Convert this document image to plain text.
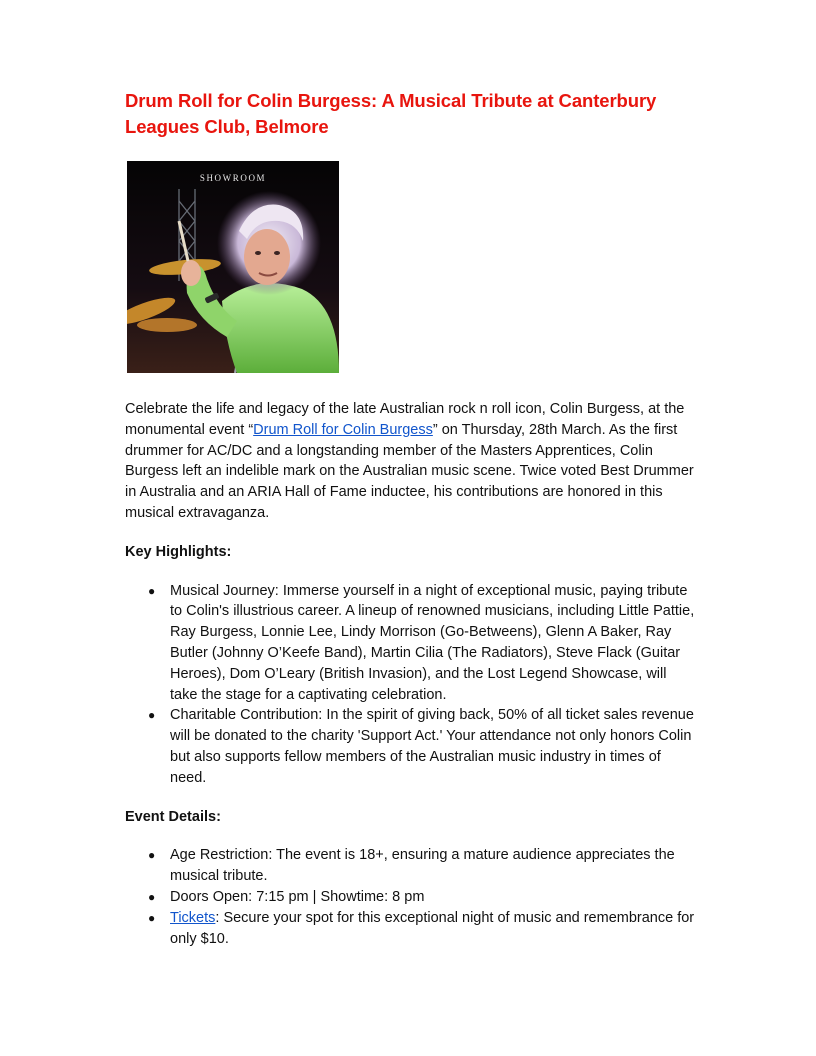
Drum Roll for Colin Burgess: A Musical Tribute at Canterbury Leagues Club, Belmore
SHOWROOM

Celebrate the life and legacy of the late Australian rock n roll icon, Colin Burgess, at the monumental event “Drum Roll for Colin Burgess” on Thursday, 28th March. As the first drummer for AC/DC and a longstanding member of the Masters Apprentices, Colin Burgess left an indelible mark on the Australian music scene. Twice voted Best Drummer in Australia and an ARIA Hall of Fame inductee, his contributions are honored in this musical extravaganza.

Key Highlights:

● Musical Journey: Immerse yourself in a night of exceptional music, paying tribute to Colin's illustrious career. A lineup of renowned musicians, including Little Pattie, Ray Burgess, Lonnie Lee, Lindy Morrison (Go-Betweens), Glenn A Baker, Ray Butler (Johnny O’Keefe Band), Martin Cilia (The Radiators), Steve Flack (Guitar Heroes), Dom O’Leary (British Invasion), and the Lost Legend Showcase, will take the stage for a captivating celebration.
● Charitable Contribution: In the spirit of giving back, 50% of all ticket sales revenue will be donated to the charity 'Support Act.' Your attendance not only honors Colin but also supports fellow members of the Australian music industry in times of need.

Event Details:

● Age Restriction: The event is 18+, ensuring a mature audience appreciates the musical tribute.
● Doors Open: 7:15 pm | Showtime: 8 pm
● Tickets: Secure your spot for this exceptional night of music and remembrance for only $10.
